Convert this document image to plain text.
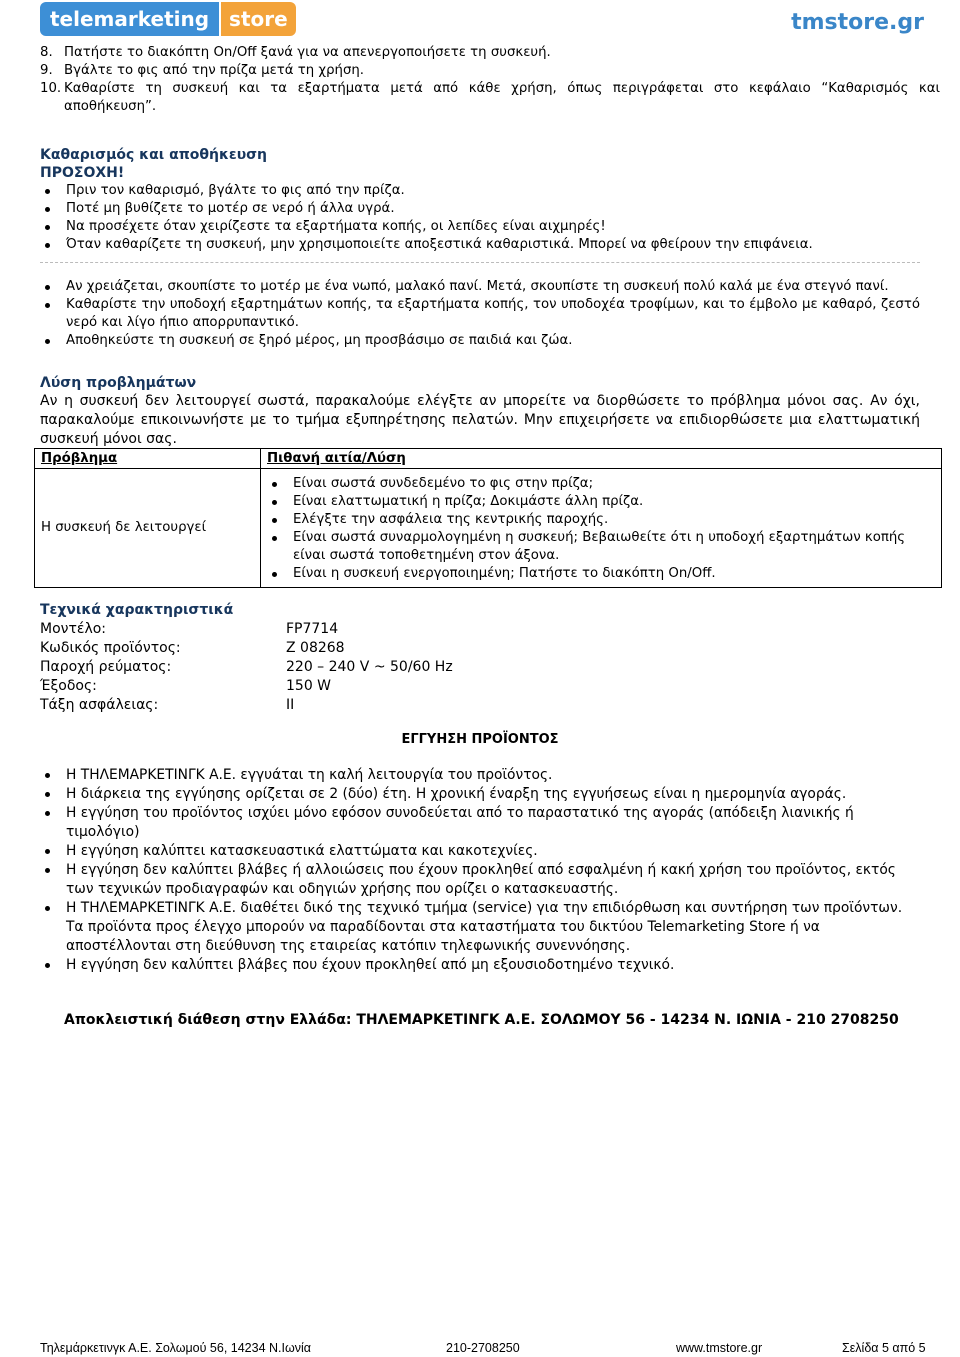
telemarketing	store	tmstore.gr
8. Πατήστε το διακόπτη On/Off ξανά για να απενεργοποιήσετε τη συσκευή.
9. Βγάλτε το φις από την πρίζα μετά τη χρήση.
10. Καθαρίστε τη συσκευή και τα εξαρτήματα μετά από κάθε χρήση, όπως περιγράφεται στο κεφάλαιο “Καθαρισμός και αποθήκευση”.
Καθαρισμός και αποθήκευση
ΠΡΟΣΟΧΗ!
Πριν τον καθαρισμό, βγάλτε το φις από την πρίζα.
Ποτέ μη βυθίζετε το μοτέρ σε νερό ή άλλα υγρά.
Να προσέχετε όταν χειρίζεστε τα εξαρτήματα κοπής, οι λεπίδες είναι αιχμηρές!
Όταν καθαρίζετε τη συσκευή, μην χρησιμοποιείτε αποξεστικά καθαριστικά. Μπορεί να φθείρουν την επιφάνεια.
Αν χρειάζεται, σκουπίστε το μοτέρ με ένα νωπό, μαλακό πανί. Μετά, σκουπίστε τη συσκευή πολύ καλά με ένα στεγνό πανί.
Καθαρίστε την υποδοχή εξαρτημάτων κοπής, τα εξαρτήματα κοπής, τον υποδοχέα τροφίμων, και το έμβολο με καθαρό, ζεστό νερό και λίγο ήπιο απορρυπαντικό.
Αποθηκεύστε τη συσκευή σε ξηρό μέρος, μη προσβάσιμο σε παιδιά και ζώα.
Λύση προβλημάτων
Αν η συσκευή δεν λειτουργεί σωστά, παρακαλούμε ελέγξτε αν μπορείτε να διορθώσετε το πρόβλημα μόνοι σας. Αν όχι, παρακαλούμε επικοινωνήστε με το τμήμα εξυπηρέτησης πελατών. Μην επιχειρήσετε να επιδιορθώσετε μια ελαττωματική συσκευή μόνοι σας.
Πρόβλημα	Πιθανή αιτία/Λύση
Η συσκευή δε λειτουργεί	Είναι σωστά συνδεδεμένο το φις στην πρίζα;
Είναι ελαττωματική η πρίζα; Δοκιμάστε άλλη πρίζα.
Ελέγξτε την ασφάλεια της κεντρικής παροχής.
Είναι σωστά συναρμολογημένη η συσκευή; Βεβαιωθείτε ότι η υποδοχή εξαρτημάτων κοπής είναι σωστά τοποθετημένη στον άξονα.
Είναι η συσκευή ενεργοποιημένη; Πατήστε το διακόπτη On/Off.
Τεχνικά χαρακτηριστικά
Μοντέλο:	FP7714
Κωδικός προϊόντος:	Z 08268
Παροχή ρεύματος:	220 – 240 V ~ 50/60 Hz
Έξοδος:	150 W
Τάξη ασφάλειας:	II
ΕΓΓΥΗΣΗ ΠΡΟΪΟΝΤΟΣ
Η ΤΗΛΕΜΑΡΚΕΤΙΝΓΚ Α.Ε. εγγυάται τη καλή λειτουργία του προϊόντος.
Η διάρκεια της εγγύησης ορίζεται σε 2 (δύο) έτη. Η χρονική έναρξη της εγγυήσεως είναι η ημερομηνία αγοράς.
Η εγγύηση του προϊόντος ισχύει μόνο εφόσον συνοδεύεται από το παραστατικό της αγοράς (απόδειξη λιανικής ή τιμολόγιο)
Η εγγύηση καλύπτει κατασκευαστικά ελαττώματα και κακοτεχνίες.
Η εγγύηση δεν καλύπτει βλάβες ή αλλοιώσεις που έχουν προκληθεί από εσφαλμένη ή κακή χρήση του προϊόντος, εκτός των τεχνικών προδιαγραφών και οδηγιών χρήσης που ορίζει ο κατασκευαστής.
Η ΤΗΛΕΜΑΡΚΕΤΙΝΓΚ Α.Ε. διαθέτει δικό της τεχνικό τμήμα (service) για την επιδιόρθωση και συντήρηση των προϊόντων. Τα προϊόντα προς έλεγχο μπορούν να παραδίδονται στα καταστήματα του δικτύου Telemarketing Store ή να αποστέλλονται στη διεύθυνση της εταιρείας κατόπιν τηλεφωνικής συνεννόησης.
Η εγγύηση δεν καλύπτει βλάβες που έχουν προκληθεί από μη εξουσιοδοτημένο τεχνικό.
Αποκλειστική διάθεση στην Ελλάδα: ΤΗΛΕΜΑΡΚΕΤΙΝΓΚ Α.Ε. ΣΟΛΩΜΟΥ 56 - 14234 Ν. ΙΩΝΙΑ - 210 2708250
Τηλεμάρκετινγκ Α.Ε. Σολωμού 56, 14234 Ν.Ιωνία	210-2708250	www.tmstore.gr	Σελίδα 5 από 5
